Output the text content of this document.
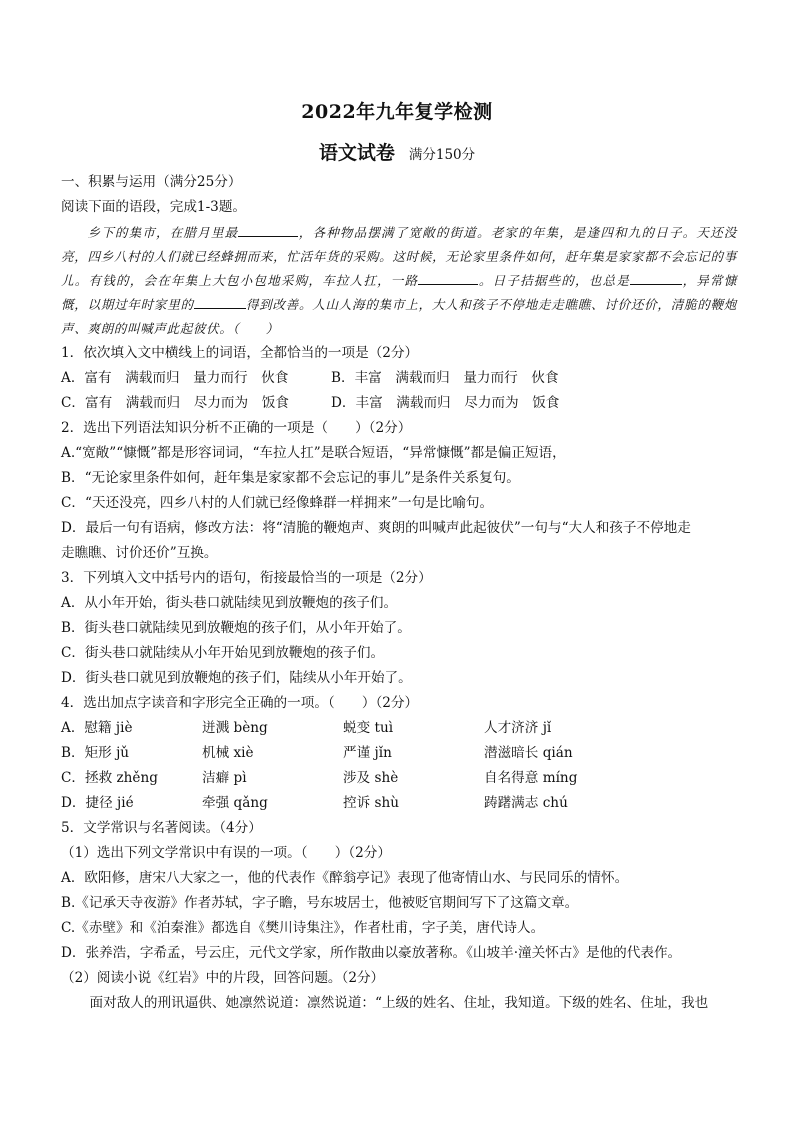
2022年九年复学检测
语文试卷 满分150分
一、积累与运用（满分25分）
阅读下面的语段，完成1-3题。

乡下的集市，在腊月里最	，各种物品摆满了宽敞的街道。老家的年集，是逢四和九的日子。天还没亮，四乡八村的人们就已经蜂拥而来，忙活年货的采购。这时候，无论家里条件如何，赶年集是家家都不会忘记的事儿。有钱的，会在年集上大包小包地采购，车拉人扛，一路	。日子拮据些的，也总是	，异常慷慨，以期过年时家里的	得到改善。人山人海的集市上，大人和孩子不停地走走瞧瞧、讨价还价，清脆的鞭炮声、爽朗的叫喊声此起彼伏。（　　）

1．依次填入文中横线上的词语，全都恰当的一项是（2分）
A．富有　满载而归　量力而行　伙食	B．丰富　满载而归　量力而行　伙食
C．富有　满载而归　尽力而为　饭食	D．丰富　满载而归　尽力而为　饭食
2．选出下列语法知识分析不正确的一项是（　　）（2分）
A.“宽敞”“慷慨”都是形容词词，“车拉人扛”是联合短语，“异常慷慨”都是偏正短语，
B．“无论家里条件如何，赶年集是家家都不会忘记的事儿”是条件关系复句。
C．“天还没亮，四乡八村的人们就已经像蜂群一样拥来”一句是比喻句。
D．最后一句有语病，修改方法：将“清脆的鞭炮声、爽朗的叫喊声此起彼伏”一句与“大人和孩子不停地走
走瞧瞧、讨价还价”互换。
3．下列填入文中括号内的语句，衔接最恰当的一项是（2分）
A．从小年开始，街头巷口就陆续见到放鞭炮的孩子们。
B．街头巷口就陆续见到放鞭炮的孩子们，从小年开始了。
C．街头巷口就陆续从小年开始见到放鞭炮的孩子们。
D．街头巷口就见到放鞭炮的孩子们，陆续从小年开始了。
4．选出加点字读音和字形完全正确的一项。（　　）（2分）
A．慰籍 jiè	迸溅 bèng	蜕变 tuì	人才济济 jǐ
B．矩形 jǔ	机械 xiè	严谨 jǐn	潜滋暗长 qián
C．拯救 zhěng	洁癖 pì	涉及 shè	自名得意 míng
D．捷径 jié	牵强 qǎng	控诉 shù	踌躇满志 chú
5．文学常识与名著阅读。（4分）
（1）选出下列文学常识中有误的一项。（　　）（2分）
A．欧阳修，唐宋八大家之一，他的代表作《醉翁亭记》表现了他寄情山水、与民同乐的情怀。
B.《记承天寺夜游》作者苏轼，字子瞻，号东坡居士，他被贬官期间写下了这篇文章。
C.《赤壁》和《泊秦淮》都选自《樊川诗集注》，作者杜甫，字子美，唐代诗人。
D．张养浩，字希孟，号云庄，元代文学家，所作散曲以豪放著称。《山坡羊·潼关怀古》是他的代表作。
（2）阅读小说《红岩》中的片段，回答问题。（2分）
面对敌人的刑讯逼供、她凛然说道：凛然说道：“上级的姓名、住址，我知道。下级的姓名、住址，我也
